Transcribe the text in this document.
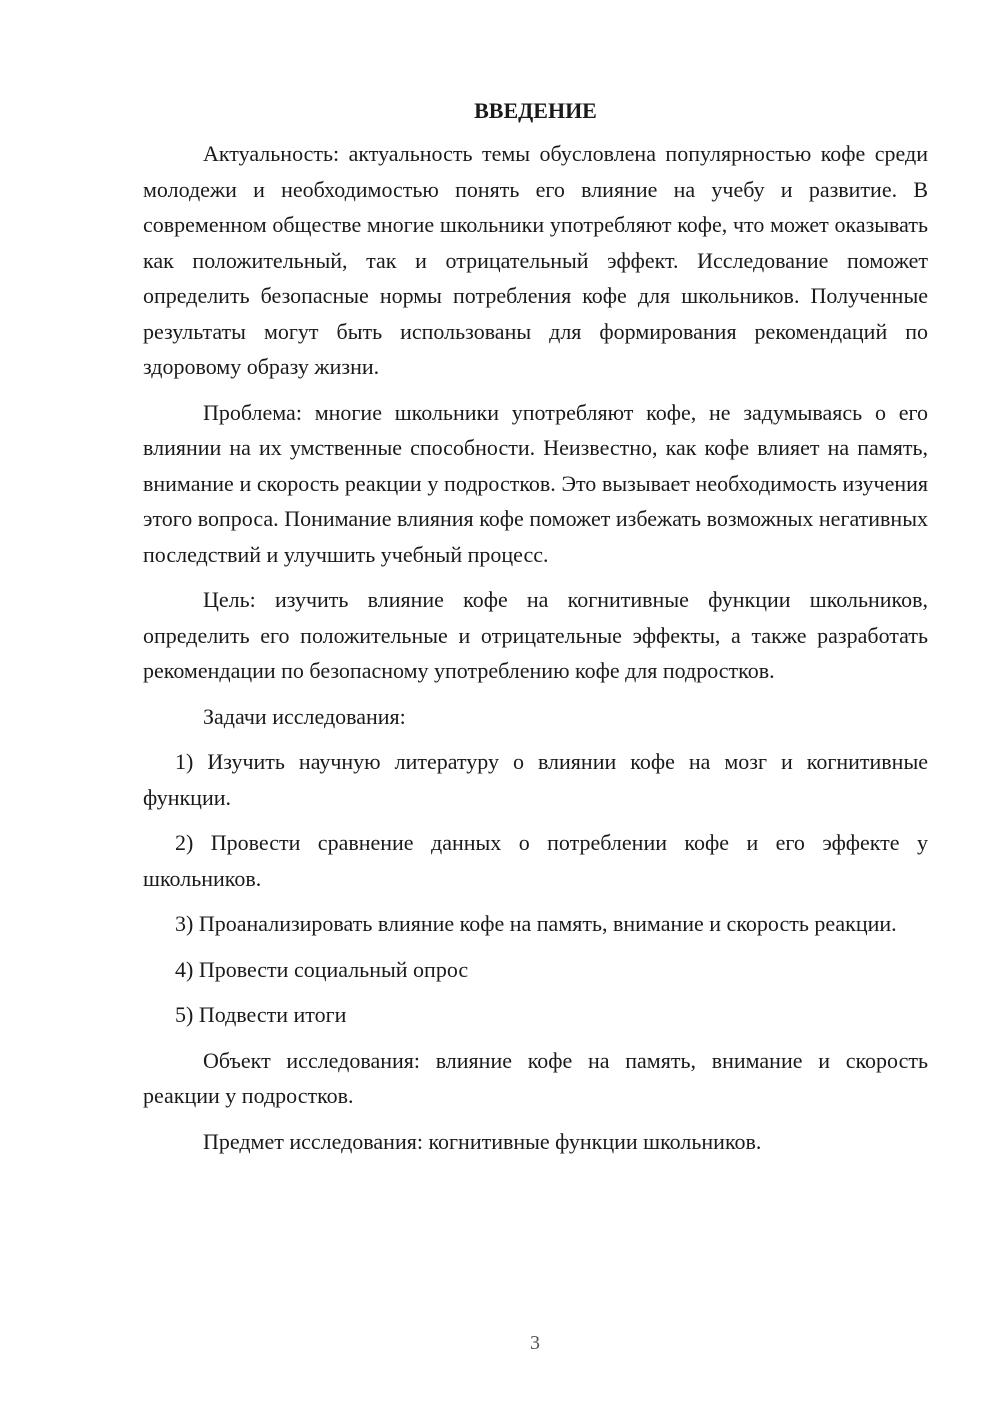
ВВЕДЕНИЕ

Актуальность: актуальность темы обусловлена популярностью кофе среди молодежи и необходимостью понять его влияние на учебу и развитие. В современном обществе многие школьники употребляют кофе, что может оказывать как положительный, так и отрицательный эффект. Исследование поможет определить безопасные нормы потребления кофе для школьников. Полученные результаты могут быть использованы для формирования рекомендаций по здоровому образу жизни.

Проблема: многие школьники употребляют кофе, не задумываясь о его влиянии на их умственные способности. Неизвестно, как кофе влияет на память, внимание и скорость реакции у подростков. Это вызывает необходимость изучения этого вопроса. Понимание влияния кофе поможет избежать возможных негативных последствий и улучшить учебный процесс.

Цель: изучить влияние кофе на когнитивные функции школьников, определить его положительные и отрицательные эффекты, а также разработать рекомендации по безопасному употреблению кофе для подростков.

Задачи исследования:

1) Изучить научную литературу о влиянии кофе на мозг и когнитивные функции.

2) Провести сравнение данных о потреблении кофе и его эффекте у школьников.

3) Проанализировать влияние кофе на память, внимание и скорость реакции.

4) Провести социальный опрос

5) Подвести итоги

Объект исследования: влияние кофе на память, внимание и скорость реакции у подростков.

Предмет исследования: когнитивные функции школьников.

3
